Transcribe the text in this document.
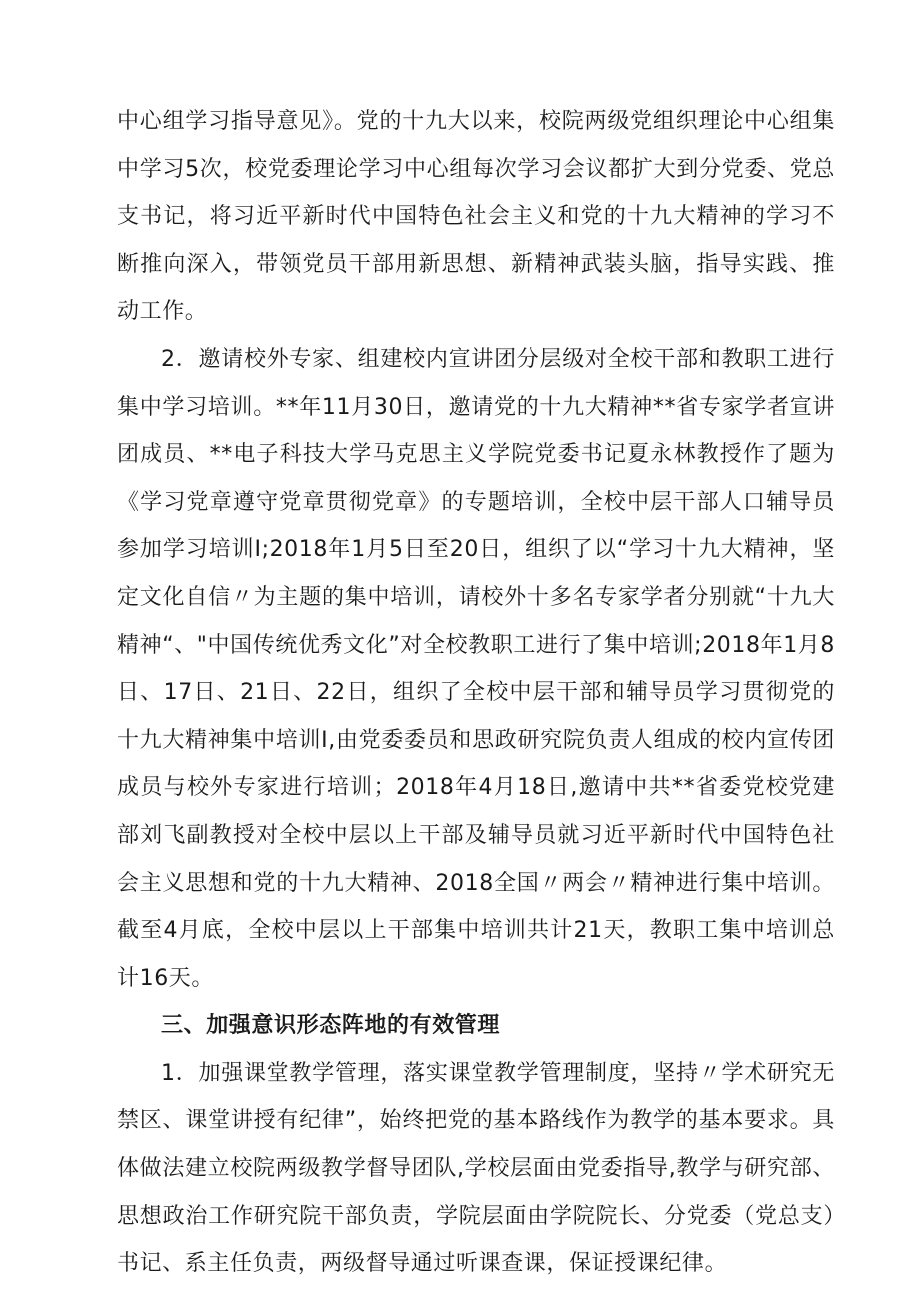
中心组学习指导意见》。党的十九大以来，校院两级党组织理论中心组集中学习5次，校党委理论学习中心组每次学习会议都扩大到分党委、党总支书记，将习近平新时代中国特色社会主义和党的十九大精神的学习不断推向深入，带领党员干部用新思想、新精神武装头脑，指导实践、推动工作。

2．邀请校外专家、组建校内宣讲团分层级对全校干部和教职工进行集中学习培训。**年11月30日，邀请党的十九大精神**省专家学者宣讲团成员、**电子科技大学马克思主义学院党委书记夏永林教授作了题为《学习党章遵守党章贯彻党章》的专题培训，全校中层干部人口辅导员参加学习培训I;2018年1月5日至20日，组织了以“学习十九大精神，坚定文化自信〃为主题的集中培训，请校外十多名专家学者分别就“十九大精神“、"中国传统优秀文化”对全校教职工进行了集中培训;2018年1月8日、17日、21日、22日，组织了全校中层干部和辅导员学习贯彻党的十九大精神集中培训I,由党委委员和思政研究院负责人组成的校内宣传团成员与校外专家进行培训；2018年4月18日,邀请中共**省委党校党建部刘飞副教授对全校中层以上干部及辅导员就习近平新时代中国特色社会主义思想和党的十九大精神、2018全国〃两会〃精神进行集中培训。截至4月底，全校中层以上干部集中培训共计21天，教职工集中培训总计16天。

三、加强意识形态阵地的有效管理

1．加强课堂教学管理，落实课堂教学管理制度，坚持〃学术研究无禁区、课堂讲授有纪律”，始终把党的基本路线作为教学的基本要求。具体做法建立校院两级教学督导团队,学校层面由党委指导,教学与研究部、思想政治工作研究院干部负责，学院层面由学院院长、分党委（党总支）书记、系主任负责，两级督导通过听课查课，保证授课纪律。
